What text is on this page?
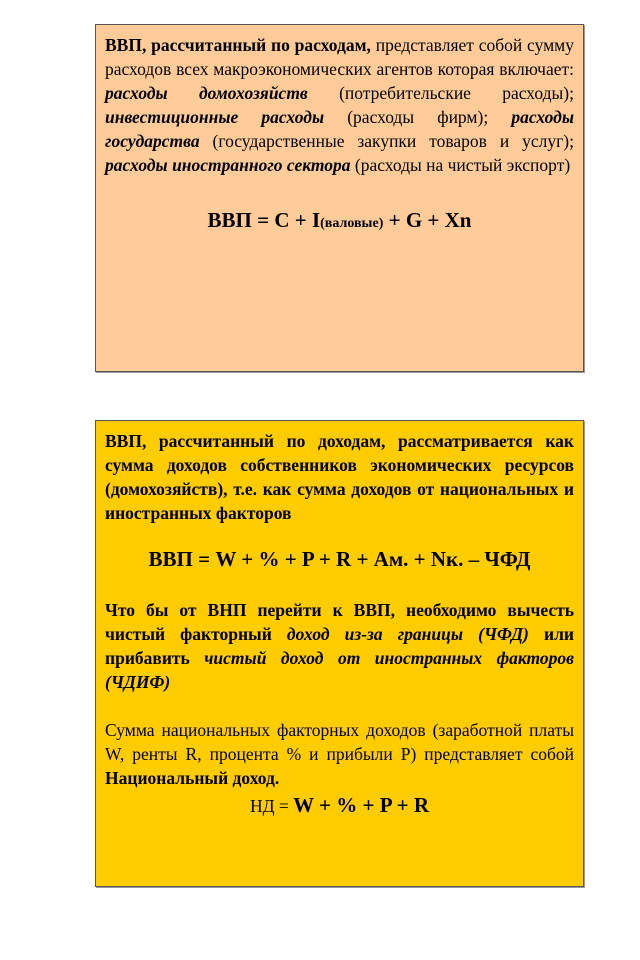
ВВП, рассчитанный по расходам, представляет собой сумму расходов всех макроэкономических агентов которая включает: расходы домохозяйств (потребительские расходы); инвестиционные расходы (расходы фирм); расходы государства (государственные закупки товаров и услуг); расходы иностранного сектора (расходы на чистый экспорт)

ВВП = C + I(валовые) + G + Xn

ВВП, рассчитанный по доходам, рассматривается как сумма доходов собственников экономических ресурсов (домохозяйств), т.е. как сумма доходов от национальных и иностранных факторов

ВВП = W + % + P + R + Ам. + Nк. – ЧФД

Что бы от ВНП перейти к ВВП, необходимо вычесть чистый факторный доход из-за границы (ЧФД) или прибавить чистый доход от иностранных факторов (ЧДИФ)

Сумма национальных факторных доходов (заработной платы W, ренты R, процента % и прибыли P) представляет собой Национальный доход.

НД = W + % + P + R
